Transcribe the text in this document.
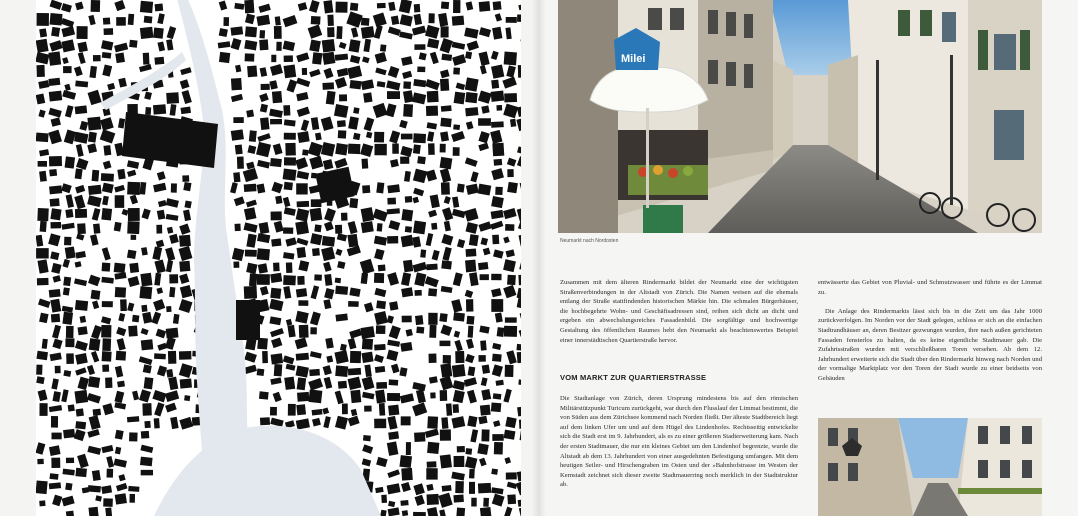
Milei
Neumarkt nach Nordosten

Zusammen mit dem älteren Rindermarkt bildet der Neumarkt eine der wichtigsten Straßenverbindungen in der Altstadt von Zürich. Die Namen weisen auf die ehemals entlang der Straße stattfindenden historischen Märkte hin. Die schmalen Bürgerhäuser, die hochbegehrte Wohn- und Geschäftsadressen sind, reihen sich dicht an dicht und ergeben ein abwechslungsreiches Fassadenbild. Die sorgfältige und hochwertige Gestaltung des öffentlichen Raumes hebt den Neumarkt als beachtenswertes Beispiel einer innerstädtischen Quartierstraße hervor.

VOM MARKT ZUR QUARTIERSTRASSE

Die Stadtanlage von Zürich, deren Ursprung mindestens bis auf den römischen Militärstützpunkt Turicum zurückgeht, war durch den Flusslauf der Limmat bestimmt, die von Süden aus dem Zürichsee kommend nach Norden fließt. Der älteste Stadtbereich liegt auf dem linken Ufer um und auf dem Hügel des Lindenhofes. Rechtsseitig entwickelte sich die Stadt erst im 9. Jahrhundert, als es zu einer größeren Stadterweiterung kam. Nach der ersten Stadtmauer, die nur ein kleines Gebiet um den Lindenhof begrenzte, wurde die Altstadt ab dem 13. Jahrhundert von einer ausgedehnten Befestigung umfangen. Mit dem heutigen Seiler- und Hirschengraben im Osten und der »Bahnhofstrasse im Westen der Kernstadt zeichnet sich dieser zweite Stadtmauerring noch merklich in der Stadtstruktur ab.

entwässerte das Gebiet von Pluvial- und Schmutzwasser und führte es der Limmat zu.

Die Anlage des Rindermarkts lässt sich bis in die Zeit um das Jahr 1000 zurückverfolgen. Im Norden vor der Stadt gelegen, schloss er sich an die einfachen Stadtrandhäuser an, deren Besitzer gezwungen wurden, ihre nach außen gerichteten Fassaden fensterlos zu halten, da es keine eigentliche Stadtmauer gab. Die Zufahrtsstraßen wurden mit verschließbaren Toren versehen. Ab dem 12. Jahrhundert erweiterte sich die Stadt über den Rindermarkt hinweg nach Norden und der vormalige Marktplatz vor den Toren der Stadt wurde zu einer beidseits von Gebäuden
